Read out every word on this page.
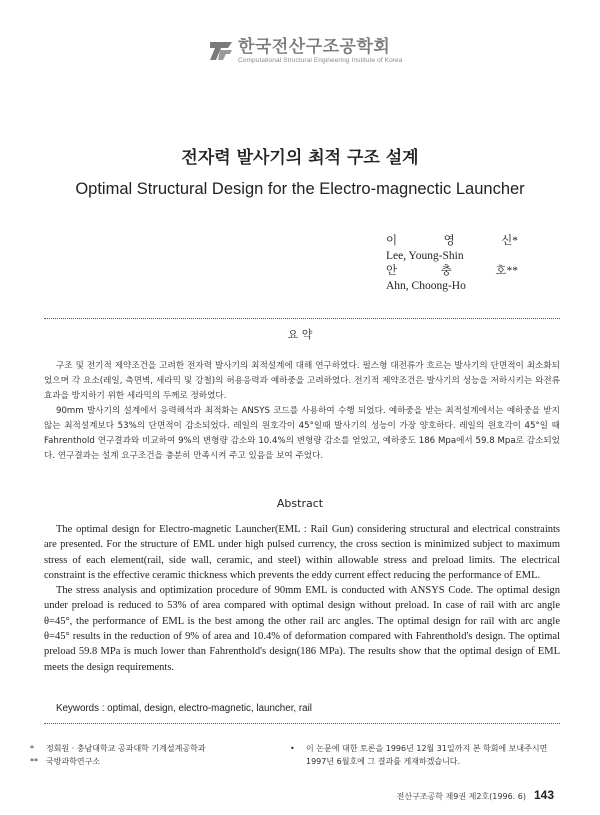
한국전산구조공학회
Computational Structural Engineering Institute of Korea
전자력 발사기의 최적 구조 설계
Optimal Structural Design for the Electro-magnectic Launcher
이	영	신*
Lee, Young-Shin
안	충	호**
Ahn, Choong-Ho
요 약

구조 및 전기적 제약조건을 고려한 전자력 발사기의 최적설계에 대해 연구하였다. 펄스형 대전류가 흐르는 발사기의 단면적이 최소화되었으며 각 요소(레일, 측면벽, 세라믹 및 강철)의 허용응력과 예하중을 고려하였다. 전기적 제약조건은 발사기의 성능을 저하시키는 와전류 효과을 방지하기 위한 세라믹의 두께로 정하였다.

90mm 발사기의 설계에서 응력해석과 최적화는 ANSYS 코드를 사용하여 수행 되었다. 예하중을 받는 최적설계에서는 예하중을 받지 않는 최적설계보다 53%의 단면적이 감소되었다. 레일의 원호각이 45°일때 발사기의 성능이 가장 양호하다. 레일의 원호각이 45°일 때 Fahrenthold 연구결과와 비교하여 9%의 변형량 감소와 10.4%의 변형량 감소를 얻었고, 예하중도 186 Mpa에서 59.8 Mpa로 감소되었다. 연구결과는 설계 요구조건을 충분히 만족시켜 주고 있음을 보여 주었다.

Abstract

The optimal design for Electro-magnetic Launcher(EML : Rail Gun) considering structural and electrical constraints are presented. For the structure of EML under high pulsed currency, the cross section is minimized subject to maximum stress of each element(rail, side wall, ceramic, and steel) within allowable stress and preload limits. The electrical constraint is the effective ceramic thickness which prevents the eddy current effect reducing the performance of EML.

The stress analysis and optimization procedure of 90mm EML is conducted with ANSYS Code. The optimal design under preload is reduced to 53% of area compared with optimal design without preload. In case of rail with arc angle θ=45°, the performance of EML is the best among the other rail arc angles. The optimal design for rail with arc angle θ=45° results in the reduction of 9% of area and 10.4% of deformation compared with Fahrenthold's design. The optimal preload 59.8 MPa is much lower than Fahrenthold's design(186 MPa). The results show that the optimal design of EML meets the design requirements.

Keywords : optimal, design, electro-magnetic, launcher, rail
*	정회원 · 충남대학교 공과대학 기계설계공학과
**	국방과학연구소
•	이 논문에 대한 토론을 1996년 12월 31일까지 본 학회에 보내주시면 1997년 6월호에 그 결과를 게재하겠습니다.
전산구조공학 제9권 제2호(1996. 6) 143
